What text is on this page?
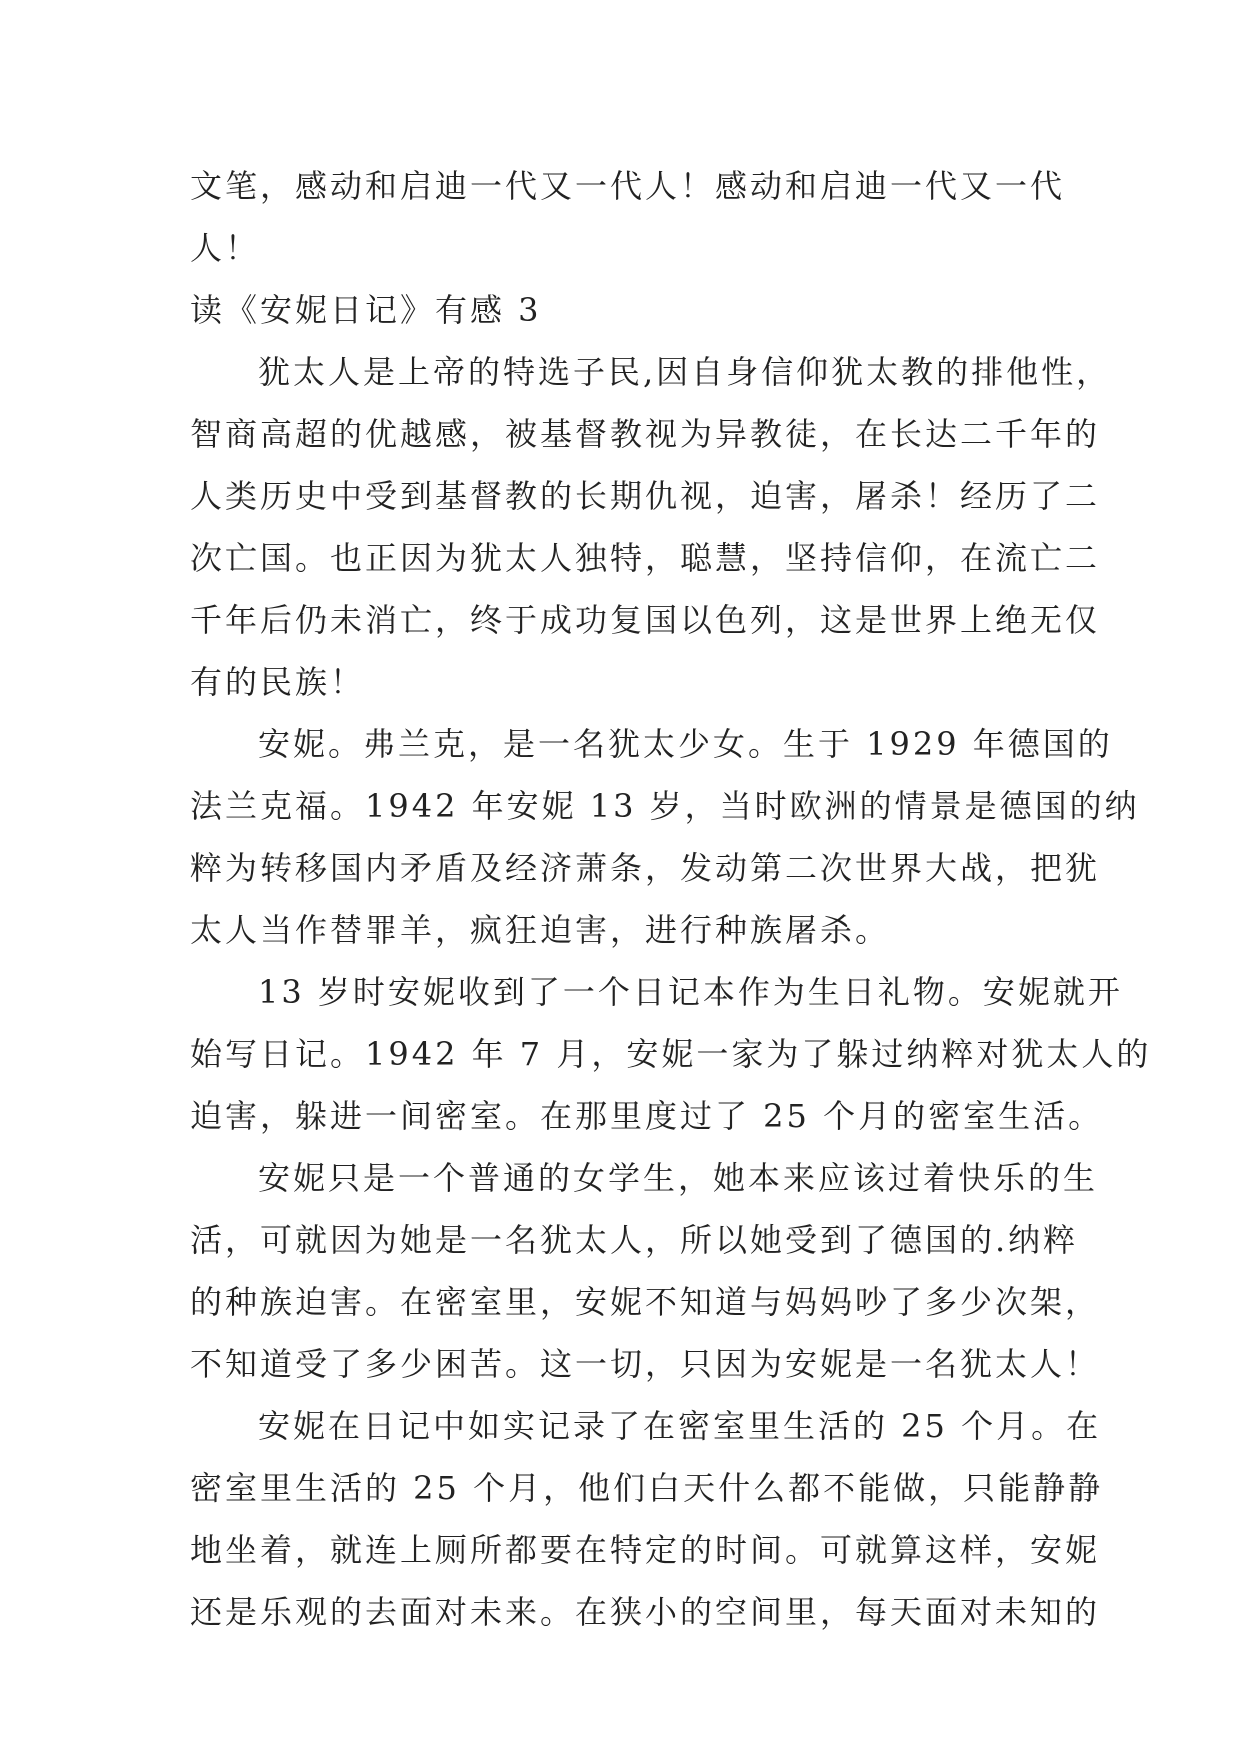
文笔，感动和启迪一代又一代人！感动和启迪一代又一代
人！
读《安妮日记》有感 3
犹太人是上帝的特选子民,因自身信仰犹太教的排他性，
智商高超的优越感，被基督教视为异教徒，在长达二千年的
人类历史中受到基督教的长期仇视，迫害，屠杀！经历了二
次亡国。也正因为犹太人独特，聪慧，坚持信仰，在流亡二
千年后仍未消亡，终于成功复国以色列，这是世界上绝无仅
有的民族！
安妮。弗兰克，是一名犹太少女。生于 1929 年德国的
法兰克福。1942 年安妮 13 岁，当时欧洲的情景是德国的纳
粹为转移国内矛盾及经济萧条，发动第二次世界大战，把犹
太人当作替罪羊，疯狂迫害，进行种族屠杀。
13 岁时安妮收到了一个日记本作为生日礼物。安妮就开
始写日记。1942 年 7 月，安妮一家为了躲过纳粹对犹太人的
迫害，躲进一间密室。在那里度过了 25 个月的密室生活。
安妮只是一个普通的女学生，她本来应该过着快乐的生
活，可就因为她是一名犹太人，所以她受到了德国的.纳粹
的种族迫害。在密室里，安妮不知道与妈妈吵了多少次架，
不知道受了多少困苦。这一切，只因为安妮是一名犹太人！
安妮在日记中如实记录了在密室里生活的 25 个月。在
密室里生活的 25 个月，他们白天什么都不能做，只能静静
地坐着，就连上厕所都要在特定的时间。可就算这样，安妮
还是乐观的去面对未来。在狭小的空间里，每天面对未知的
